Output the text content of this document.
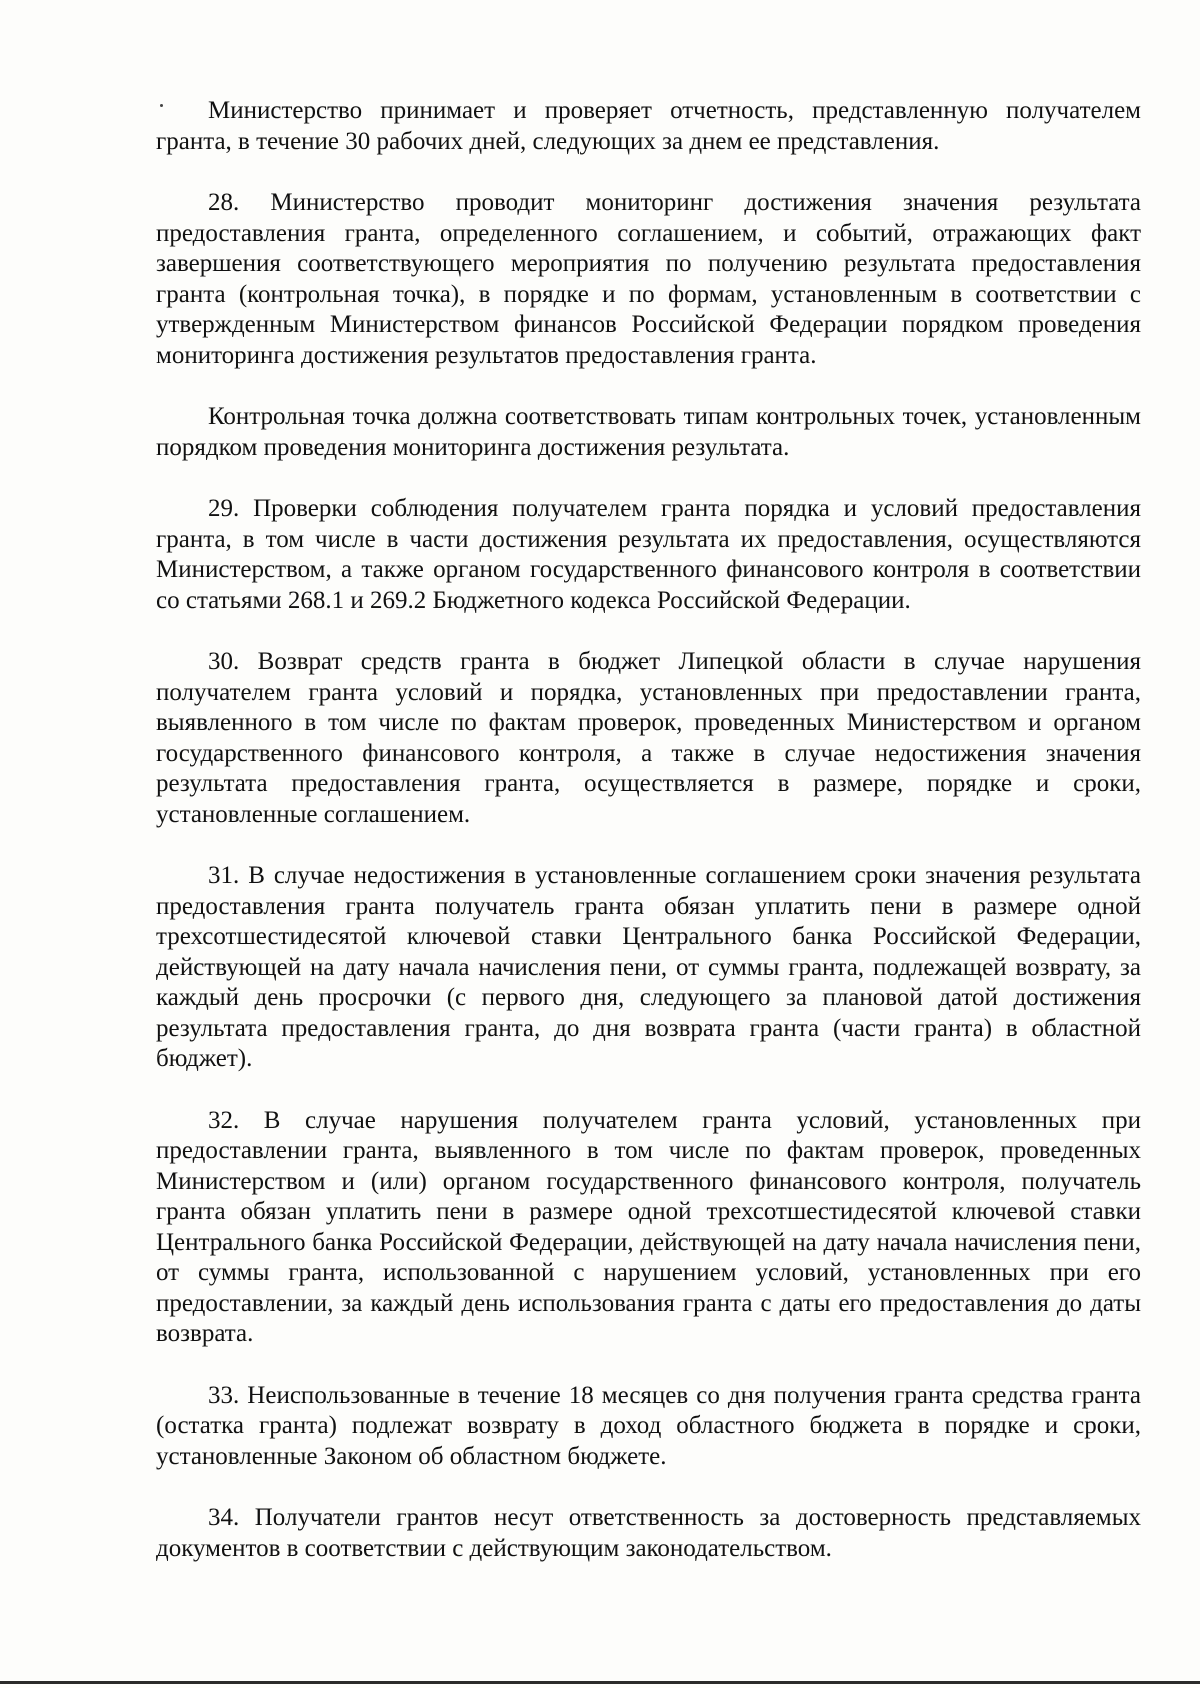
Министерство принимает и проверяет отчетность, представленную получателем гранта, в течение 30 рабочих дней, следующих за днем ее представления.

28. Министерство проводит мониторинг достижения значения результата предоставления гранта, определенного соглашением, и событий, отражающих факт завершения соответствующего мероприятия по получению результата предоставления гранта (контрольная точка), в порядке и по формам, установленным в соответствии с утвержденным Министерством финансов Российской Федерации порядком проведения мониторинга достижения результатов предоставления гранта.

Контрольная точка должна соответствовать типам контрольных точек, установленным порядком проведения мониторинга достижения результата.

29. Проверки соблюдения получателем гранта порядка и условий предоставления гранта, в том числе в части достижения результата их предоставления, осуществляются Министерством, а также органом государственного финансового контроля в соответствии со статьями 268.1 и 269.2 Бюджетного кодекса Российской Федерации.

30. Возврат средств гранта в бюджет Липецкой области в случае нарушения получателем гранта условий и порядка, установленных при предоставлении гранта, выявленного в том числе по фактам проверок, проведенных Министерством и органом государственного финансового контроля, а также в случае недостижения значения результата предоставления гранта, осуществляется в размере, порядке и сроки, установленные соглашением.

31. В случае недостижения в установленные соглашением сроки значения результата предоставления гранта получатель гранта обязан уплатить пени в размере одной трехсотшестидесятой ключевой ставки Центрального банка Российской Федерации, действующей на дату начала начисления пени, от суммы гранта, подлежащей возврату, за каждый день просрочки (с первого дня, следующего за плановой датой достижения результата предоставления гранта, до дня возврата гранта (части гранта) в областной бюджет).

32. В случае нарушения получателем гранта условий, установленных при предоставлении гранта, выявленного в том числе по фактам проверок, проведенных Министерством и (или) органом государственного финансового контроля, получатель гранта обязан уплатить пени в размере одной трехсотшестидесятой ключевой ставки Центрального банка Российской Федерации, действующей на дату начала начисления пени, от суммы гранта, использованной с нарушением условий, установленных при его предоставлении, за каждый день использования гранта с даты его предоставления до даты возврата.

33. Неиспользованные в течение 18 месяцев со дня получения гранта средства гранта (остатка гранта) подлежат возврату в доход областного бюджета в порядке и сроки, установленные Законом об областном бюджете.

34. Получатели грантов несут ответственность за достоверность представляемых документов в соответствии с действующим законодательством.
